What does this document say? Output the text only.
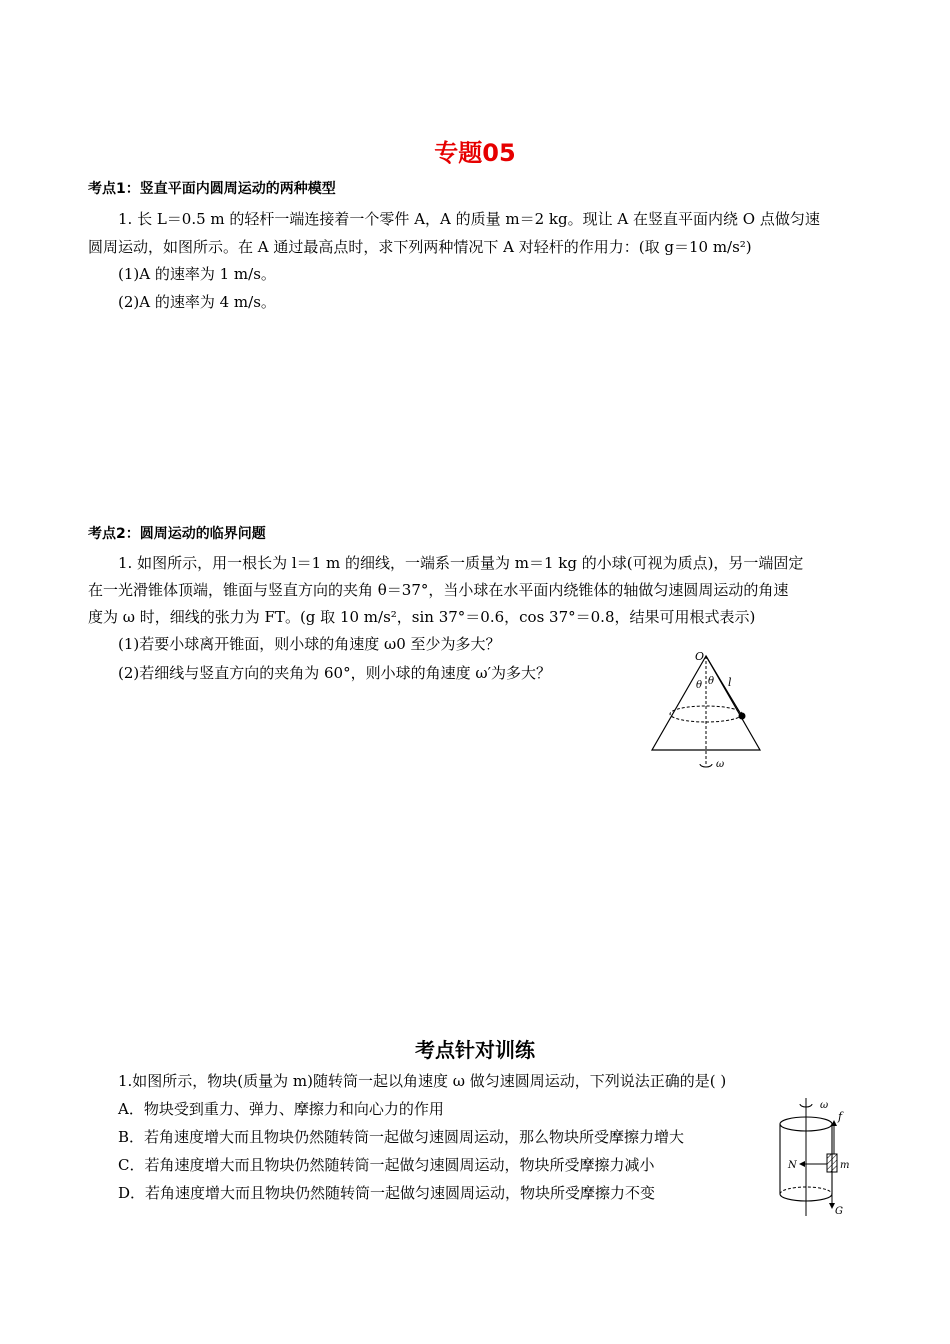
专题05
考点1：竖直平面内圆周运动的两种模型
1. 长 L＝0.5 m 的轻杆一端连接着一个零件 A，A 的质量 m＝2 kg。现让 A 在竖直平面内绕 O 点做匀速
圆周运动，如图所示。在 A 通过最高点时，求下列两种情况下 A 对轻杆的作用力：(取 g＝10 m/s²)
(1)A 的速率为 1 m/s。
(2)A 的速率为 4 m/s。
考点2：圆周运动的临界问题
1. 如图所示，用一根长为 l＝1 m 的细线，一端系一质量为 m＝1 kg 的小球(可视为质点)，另一端固定
在一光滑锥体顶端，锥面与竖直方向的夹角 θ＝37°，当小球在水平面内绕锥体的轴做匀速圆周运动的角速
度为 ω 时，细线的张力为 FT。(g 取 10 m/s²，sin 37°＝0.6，cos 37°＝0.8，结果可用根式表示)
(1)若要小球离开锥面，则小球的角速度 ω0 至少为多大？
(2)若细线与竖直方向的夹角为 60°，则小球的角速度 ω′为多大？
O
θ θ l
ω
考点针对训练
1.如图所示，物块(质量为 m)随转筒一起以角速度 ω 做匀速圆周运动，下列说法正确的是( )
A．物块受到重力、弹力、摩擦力和向心力的作用
B．若角速度增大而且物块仍然随转筒一起做匀速圆周运动，那么物块所受摩擦力增大
C．若角速度增大而且物块仍然随转筒一起做匀速圆周运动，物块所受摩擦力减小
D．若角速度增大而且物块仍然随转筒一起做匀速圆周运动，物块所受摩擦力不变
ω
f
N	m
G
